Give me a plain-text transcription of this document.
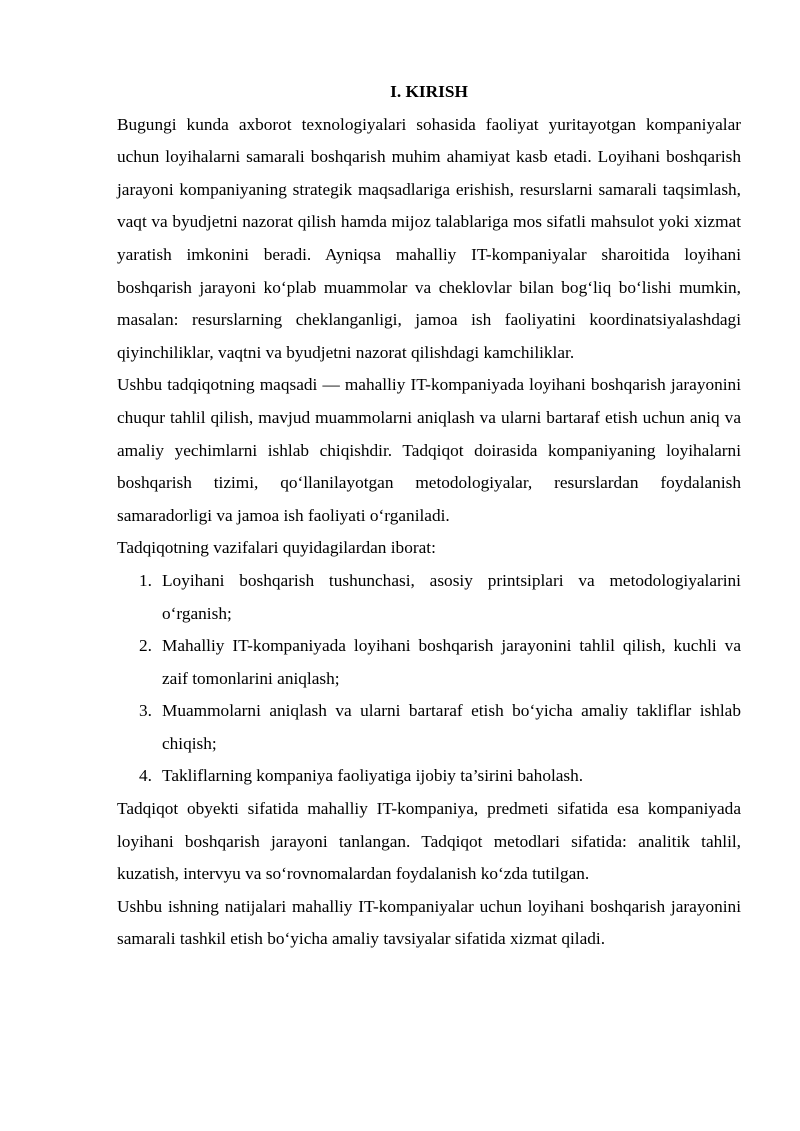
I. KIRISH

Bugungi kunda axborot texnologiyalari sohasida faoliyat yuritayotgan kompaniyalar uchun loyihalarni samarali boshqarish muhim ahamiyat kasb etadi. Loyihani boshqarish jarayoni kompaniyaning strategik maqsadlariga erishish, resurslarni samarali taqsimlash, vaqt va byudjetni nazorat qilish hamda mijoz talablariga mos sifatli mahsulot yoki xizmat yaratish imkonini beradi. Ayniqsa mahalliy IT-kompaniyalar sharoitida loyihani boshqarish jarayoni ko‘plab muammolar va cheklovlar bilan bog‘liq bo‘lishi mumkin, masalan: resurslarning cheklanganligi, jamoa ish faoliyatini koordinatsiyalashdagi qiyinchiliklar, vaqtni va byudjetni nazorat qilishdagi kamchiliklar.

Ushbu tadqiqotning maqsadi — mahalliy IT-kompaniyada loyihani boshqarish jarayonini chuqur tahlil qilish, mavjud muammolarni aniqlash va ularni bartaraf etish uchun aniq va amaliy yechimlarni ishlab chiqishdir. Tadqiqot doirasida kompaniyaning loyihalarni boshqarish tizimi, qo‘llanilayotgan metodologiyalar, resurslardan foydalanish samaradorligi va jamoa ish faoliyati o‘rganiladi.

Tadqiqotning vazifalari quyidagilardan iborat:

1. Loyihani boshqarish tushunchasi, asosiy printsiplari va metodologiyalarini o‘rganish;
2. Mahalliy IT-kompaniyada loyihani boshqarish jarayonini tahlil qilish, kuchli va zaif tomonlarini aniqlash;
3. Muammolarni aniqlash va ularni bartaraf etish bo‘yicha amaliy takliflar ishlab chiqish;
4. Takliflarning kompaniya faoliyatiga ijobiy ta’sirini baholash.

Tadqiqot obyekti sifatida mahalliy IT-kompaniya, predmeti sifatida esa kompaniyada loyihani boshqarish jarayoni tanlangan. Tadqiqot metodlari sifatida: analitik tahlil, kuzatish, intervyu va so‘rovnomalardan foydalanish ko‘zda tutilgan.

Ushbu ishning natijalari mahalliy IT-kompaniyalar uchun loyihani boshqarish jarayonini samarali tashkil etish bo‘yicha amaliy tavsiyalar sifatida xizmat qiladi.
